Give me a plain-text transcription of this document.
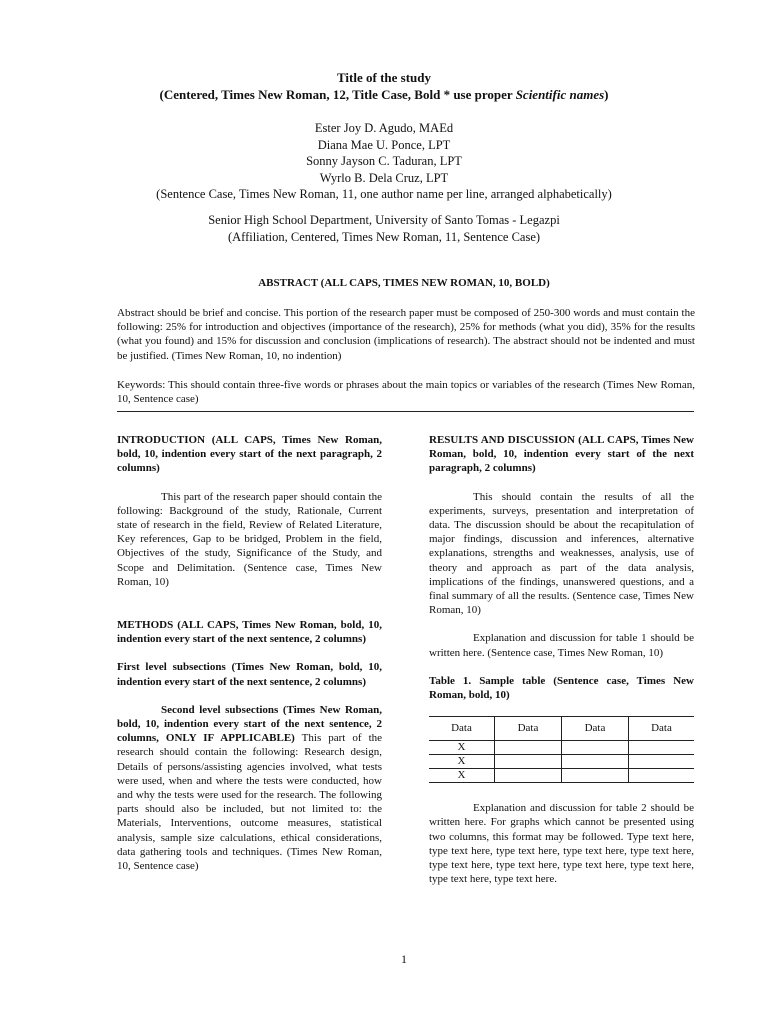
Title of the study
(Centered, Times New Roman, 12, Title Case, Bold * use proper Scientific names)
Ester Joy D. Agudo, MAEd
Diana Mae U. Ponce, LPT
Sonny Jayson C. Taduran, LPT
Wyrlo B. Dela Cruz, LPT
(Sentence Case, Times New Roman, 11, one author name per line, arranged alphabetically)
Senior High School Department, University of Santo Tomas - Legazpi
(Affiliation, Centered, Times New Roman, 11, Sentence Case)
ABSTRACT (ALL CAPS, TIMES NEW ROMAN, 10, BOLD)
Abstract should be brief and concise. This portion of the research paper must be composed of 250-300 words and must contain the following: 25% for introduction and objectives (importance of the research), 25% for methods (what you did), 35% for the results (what you found) and 15% for discussion and conclusion (implications of research). The abstract should not be indented and must be justified. (Times New Roman, 10, no indention)
Keywords: This should contain three-five words or phrases about the main topics or variables of the research (Times New Roman, 10, Sentence case)

INTRODUCTION (ALL CAPS, Times New Roman, bold, 10, indention every start of the next paragraph, 2 columns)

This part of the research paper should contain the following: Background of the study, Rationale, Current state of research in the field, Review of Related Literature, Key references, Gap to be bridged, Problem in the field, Objectives of the study, Significance of the Study, and Scope and Delimitation. (Sentence case, Times New Roman, 10)

METHODS (ALL CAPS, Times New Roman, bold, 10, indention every start of the next sentence, 2 columns)

First level subsections (Times New Roman, bold, 10, indention every start of the next sentence, 2 columns)

Second level subsections (Times New Roman, bold, 10, indention every start of the next sentence, 2 columns, ONLY IF APPLICABLE) This part of the research should contain the following: Research design, Details of persons/assisting agencies involved, what tests were used, when and where the tests were conducted, how and why the tests were used for the research. The following parts should also be included, but not limited to: the Materials, Interventions, outcome measures, statistical analysis, sample size calculations, ethical considerations, data gathering tools and techniques. (Times New Roman, 10, Sentence case)

RESULTS AND DISCUSSION (ALL CAPS, Times New Roman, bold, 10, indention every start of the next paragraph, 2 columns)

This should contain the results of all the experiments, surveys, presentation and interpretation of data. The discussion should be about the recapitulation of major findings, discussion and inferences, alternative explanations, strengths and weaknesses, analysis, use of theory and approach as part of the data analysis, implications of the findings, unanswered questions, and a final summary of all the results. (Sentence case, Times New Roman, 10)

Explanation and discussion for table 1 should be written here. (Sentence case, Times New Roman, 10)

Table 1. Sample table (Sentence case, Times New Roman, bold, 10)

Data	Data	Data	Data
X			
X			
X			

Explanation and discussion for table 2 should be written here. For graphs which cannot be presented using two columns, this format may be followed. Type text here, type text here, type text here, type text here, type text here, type text here, type text here, type text here, type text here, type text here, type text here.

1
